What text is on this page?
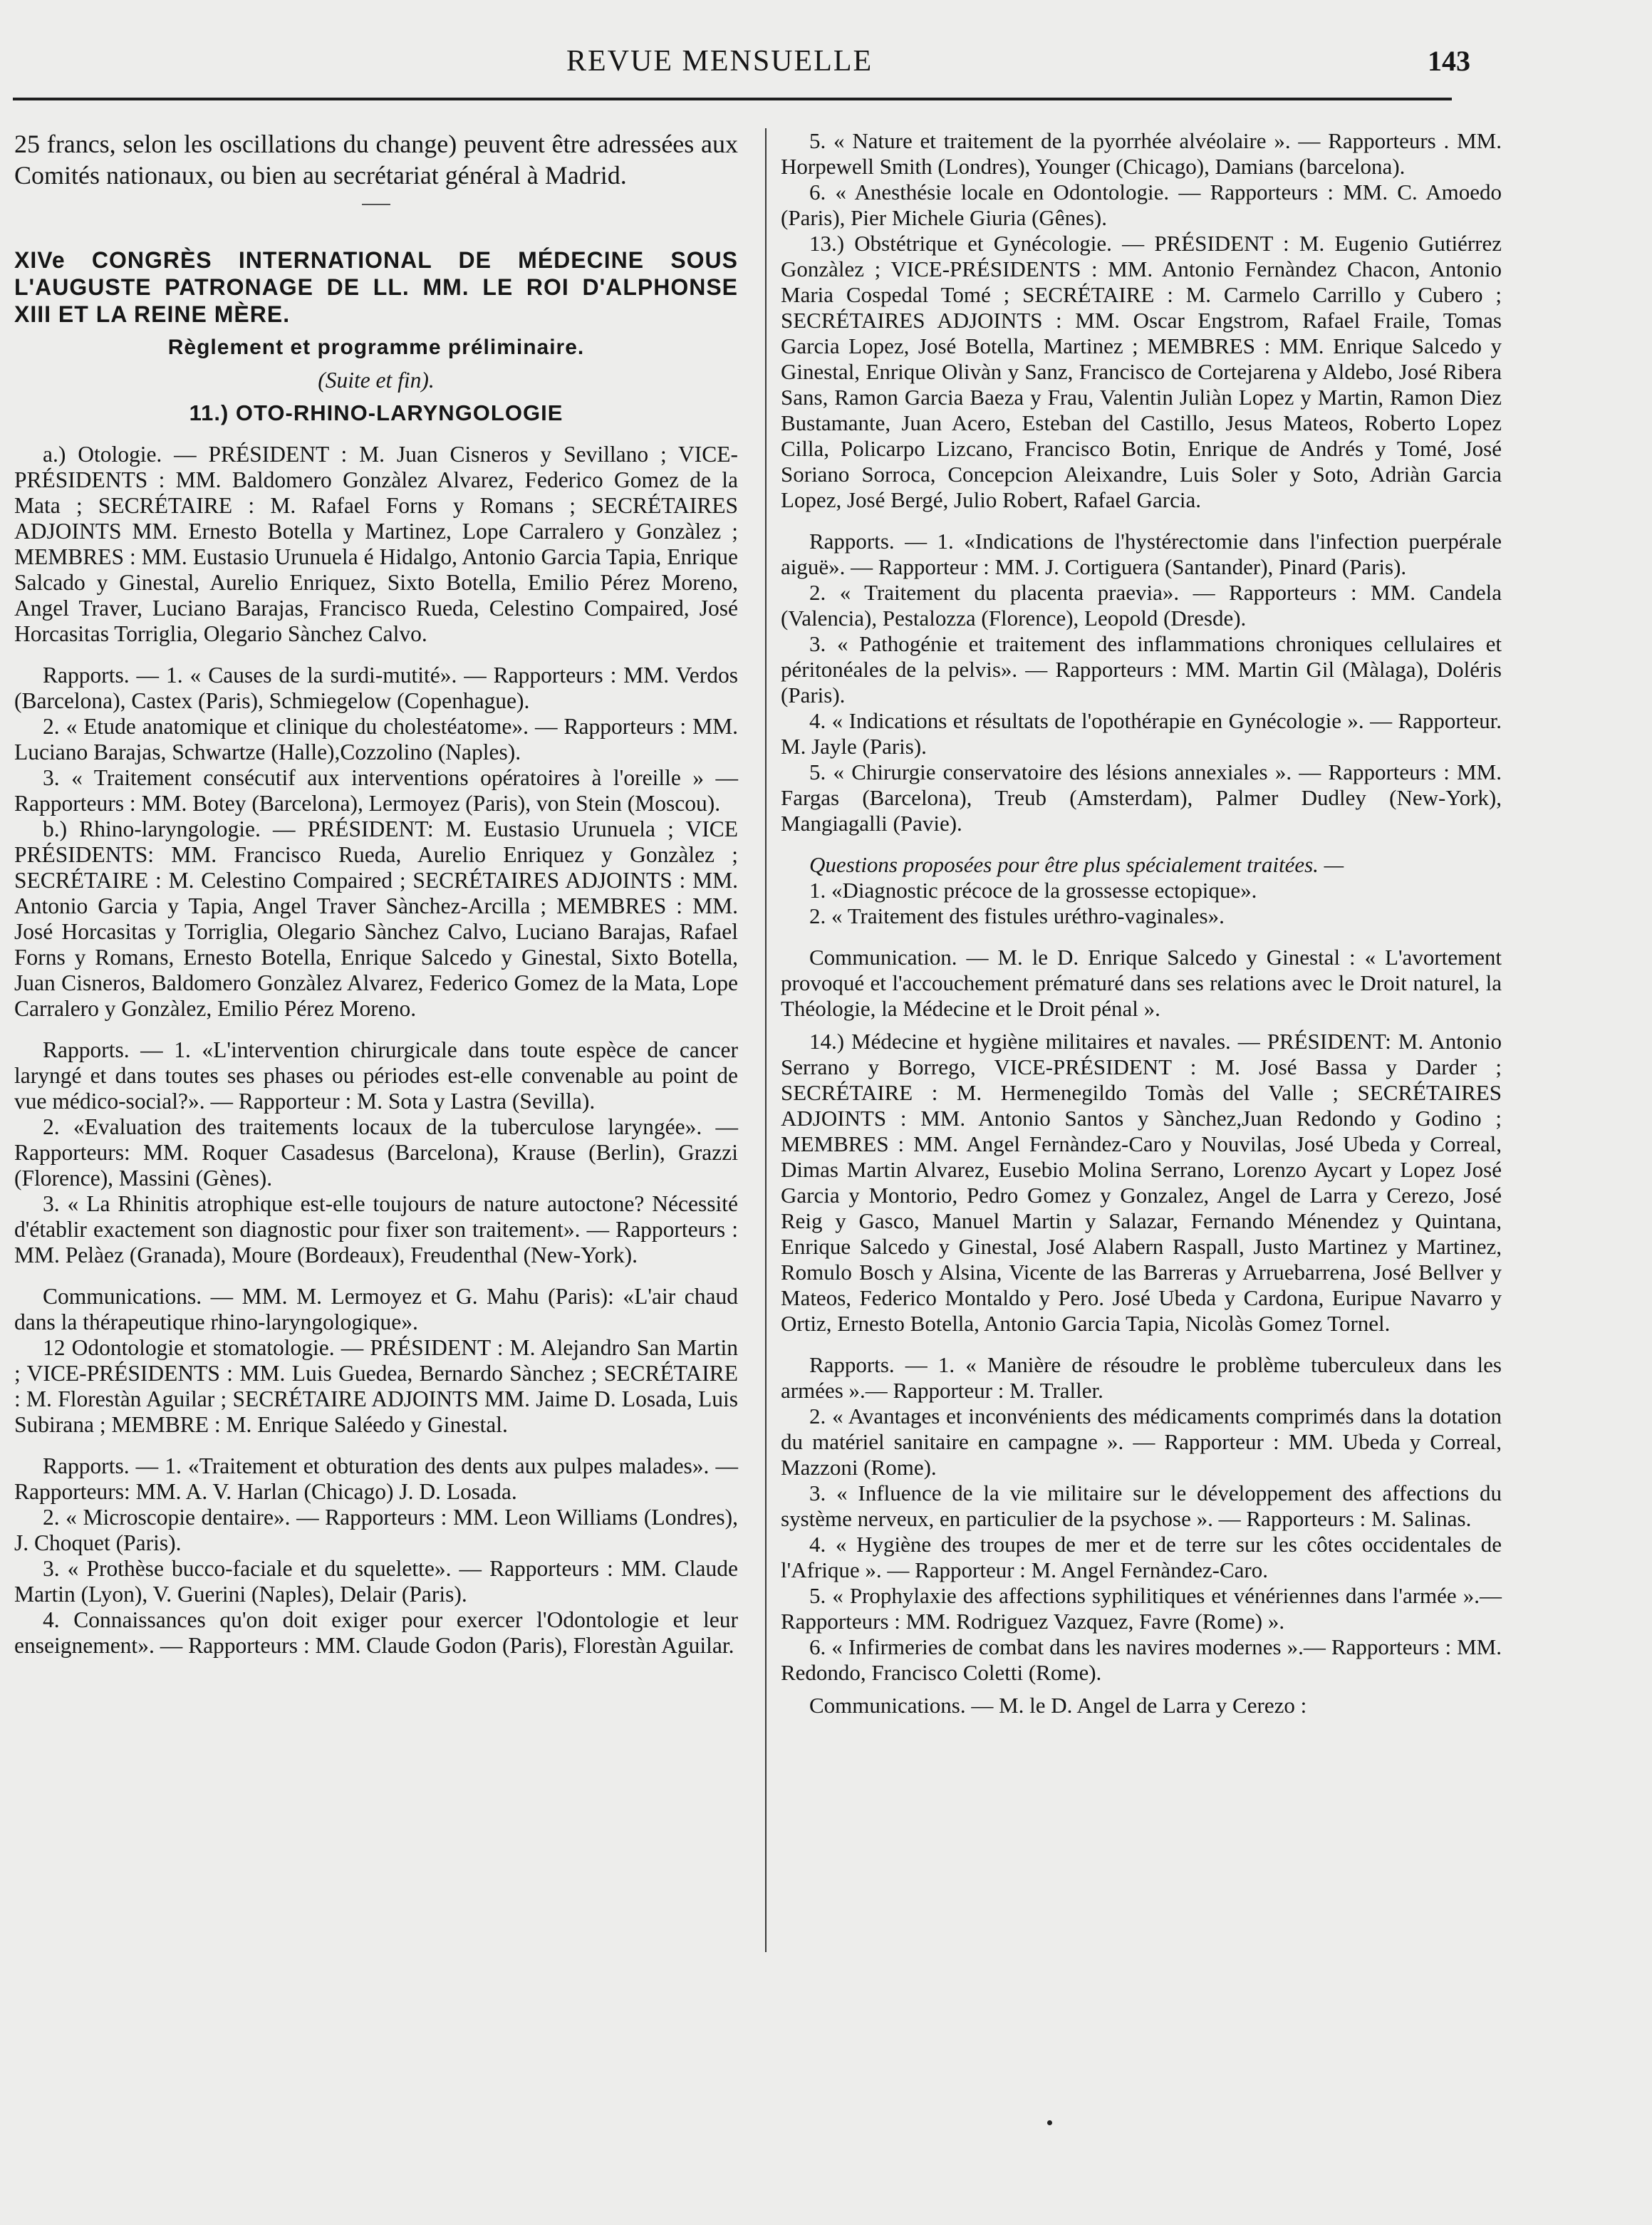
REVUE MENSUELLE	143

25 francs, selon les oscillations du change) peuvent être adressées aux Comités nationaux, ou bien au secrétariat général à Madrid.

XIVe CONGRÈS INTERNATIONAL DE MÉDECINE SOUS L'AUGUSTE PATRONAGE DE LL. MM. LE ROI D'ALPHONSE XIII ET LA REINE MÈRE.

Règlement et programme préliminaire.

(Suite et fin).

11.) OTO-RHINO-LARYNGOLOGIE

a.) Otologie. — PRÉSIDENT : M. Juan Cisneros y Sevillano ; VICE-PRÉSIDENTS : MM. Baldomero Gonzàlez Alvarez, Federico Gomez de la Mata ; SECRÉTAIRE : M. Rafael Forns y Romans ; SECRÉTAIRES ADJOINTS MM. Ernesto Botella y Martinez, Lope Carralero y Gonzàlez ; MEMBRES : MM. Eustasio Urunuela é Hidalgo, Antonio Garcia Tapia, Enrique Salcado y Ginestal, Aurelio Enriquez, Sixto Botella, Emilio Pérez Moreno, Angel Traver, Luciano Barajas, Francisco Rueda, Celestino Compaired, José Horcasitas Torriglia, Olegario Sànchez Calvo.

Rapports. — 1. « Causes de la surdi-mutité». — Rapporteurs : MM. Verdos (Barcelona), Castex (Paris), Schmiegelow (Copenhague).

2. « Etude anatomique et clinique du cholestéatome». — Rapporteurs : MM. Luciano Barajas, Schwartze (Halle),Cozzolino (Naples).

3. « Traitement consécutif aux interventions opératoires à l'oreille » — Rapporteurs : MM. Botey (Barcelona), Lermoyez (Paris), von Stein (Moscou).

b.) Rhino-laryngologie. — PRÉSIDENT: M. Eustasio Urunuela ; VICE PRÉSIDENTS: MM. Francisco Rueda, Aurelio Enriquez y Gonzàlez ; SECRÉTAIRE : M. Celestino Compaired ; SECRÉTAIRES ADJOINTS : MM. Antonio Garcia y Tapia, Angel Traver Sànchez-Arcilla ; MEMBRES : MM. José Horcasitas y Torriglia, Olegario Sànchez Calvo, Luciano Barajas, Rafael Forns y Romans, Ernesto Botella, Enrique Salcedo y Ginestal, Sixto Botella, Juan Cisneros, Baldomero Gonzàlez Alvarez, Federico Gomez de la Mata, Lope Carralero y Gonzàlez, Emilio Pérez Moreno.

Rapports. — 1. «L'intervention chirurgicale dans toute espèce de cancer laryngé et dans toutes ses phases ou périodes est-elle convenable au point de vue médico-social?». — Rapporteur : M. Sota y Lastra (Sevilla).

2. «Evaluation des traitements locaux de la tuberculose laryngée». — Rapporteurs: MM. Roquer Casadesus (Barcelona), Krause (Berlin), Grazzi (Florence), Massini (Gènes).

3. « La Rhinitis atrophique est-elle toujours de nature autoctone? Nécessité d'établir exactement son diagnostic pour fixer son traitement». — Rapporteurs : MM. Pelàez (Granada), Moure (Bordeaux), Freudenthal (New-York).

Communications. — MM. M. Lermoyez et G. Mahu (Paris): «L'air chaud dans la thérapeutique rhino-laryngologique».

12 Odontologie et stomatologie. — PRÉSIDENT : M. Alejandro San Martin ; VICE-PRÉSIDENTS : MM. Luis Guedea, Bernardo Sànchez ; SECRÉTAIRE : M. Florestàn Aguilar ; SECRÉTAIRE ADJOINTS MM. Jaime D. Losada, Luis Subirana ; MEMBRE : M. Enrique Saléedo y Ginestal.

Rapports. — 1. «Traitement et obturation des dents aux pulpes malades». — Rapporteurs: MM. A. V. Harlan (Chicago) J. D. Losada.

2. « Microscopie dentaire». — Rapporteurs : MM. Leon Williams (Londres), J. Choquet (Paris).

3. « Prothèse bucco-faciale et du squelette». — Rapporteurs : MM. Claude Martin (Lyon), V. Guerini (Naples), Delair (Paris).

4. Connaissances qu'on doit exiger pour exercer l'Odontologie et leur enseignement». — Rapporteurs : MM. Claude Godon (Paris), Florestàn Aguilar.

5. « Nature et traitement de la pyorrhée alvéolaire ». — Rapporteurs . MM. Horpewell Smith (Londres), Younger (Chicago), Damians (barcelona).

6. « Anesthésie locale en Odontologie. — Rapporteurs : MM. C. Amoedo (Paris), Pier Michele Giuria (Gênes).

13.) Obstétrique et Gynécologie. — PRÉSIDENT : M. Eugenio Gutiérrez Gonzàlez ; VICE-PRÉSIDENTS : MM. Antonio Fernàndez Chacon, Antonio Maria Cospedal Tomé ; SECRÉTAIRE : M. Carmelo Carrillo y Cubero ; SECRÉTAIRES ADJOINTS : MM. Oscar Engstrom, Rafael Fraile, Tomas Garcia Lopez, José Botella, Martinez ; MEMBRES : MM. Enrique Salcedo y Ginestal, Enrique Olivàn y Sanz, Francisco de Cortejarena y Aldebo, José Ribera Sans, Ramon Garcia Baeza y Frau, Valentin Juliàn Lopez y Martin, Ramon Diez Bustamante, Juan Acero, Esteban del Castillo, Jesus Mateos, Roberto Lopez Cilla, Policarpo Lizcano, Francisco Botin, Enrique de Andrés y Tomé, José Soriano Sorroca, Concepcion Aleixandre, Luis Soler y Soto, Adriàn Garcia Lopez, José Bergé, Julio Robert, Rafael Garcia.

Rapports. — 1. «Indications de l'hystérectomie dans l'infection puerpérale aiguë». — Rapporteur : MM. J. Cortiguera (Santander), Pinard (Paris).

2. « Traitement du placenta praevia». — Rapporteurs : MM. Candela (Valencia), Pestalozza (Florence), Leopold (Dresde).

3. « Pathogénie et traitement des inflammations chroniques cellulaires et péritonéales de la pelvis». — Rapporteurs : MM. Martin Gil (Màlaga), Doléris (Paris).

4. « Indications et résultats de l'opothérapie en Gynécologie ». — Rapporteur. M. Jayle (Paris).

5. « Chirurgie conservatoire des lésions annexiales ». — Rapporteurs : MM. Fargas (Barcelona), Treub (Amsterdam), Palmer Dudley (New-York), Mangiagalli (Pavie).

Questions proposées pour être plus spécialement traitées. —

1. «Diagnostic précoce de la grossesse ectopique».

2. « Traitement des fistules uréthro-vaginales».

Communication. — M. le D. Enrique Salcedo y Ginestal : « L'avortement provoqué et l'accouchement prématuré dans ses relations avec le Droit naturel, la Théologie, la Médecine et le Droit pénal ».

14.) Médecine et hygiène militaires et navales. — PRÉSIDENT: M. Antonio Serrano y Borrego, VICE-PRÉSIDENT : M. José Bassa y Darder ; SECRÉTAIRE : M. Hermenegildo Tomàs del Valle ; SECRÉTAIRES ADJOINTS : MM. Antonio Santos y Sànchez,Juan Redondo y Godino ; MEMBRES : MM. Angel Fernàndez-Caro y Nouvilas, José Ubeda y Correal, Dimas Martin Alvarez, Eusebio Molina Serrano, Lorenzo Aycart y Lopez José Garcia y Montorio, Pedro Gomez y Gonzalez, Angel de Larra y Cerezo, José Reig y Gasco, Manuel Martin y Salazar, Fernando Ménendez y Quintana, Enrique Salcedo y Ginestal, José Alabern Raspall, Justo Martinez y Martinez, Romulo Bosch y Alsina, Vicente de las Barreras y Arruebarrena, José Bellver y Mateos, Federico Montaldo y Pero. José Ubeda y Cardona, Euripue Navarro y Ortiz, Ernesto Botella, Antonio Garcia Tapia, Nicolàs Gomez Tornel.

Rapports. — 1. « Manière de résoudre le problème tuberculeux dans les armées ».— Rapporteur : M. Traller.

2. « Avantages et inconvénients des médicaments comprimés dans la dotation du matériel sanitaire en campagne ». — Rapporteur : MM. Ubeda y Correal, Mazzoni (Rome).

3. « Influence de la vie militaire sur le développement des affections du système nerveux, en particulier de la psychose ». — Rapporteurs : M. Salinas.

4. « Hygiène des troupes de mer et de terre sur les côtes occidentales de l'Afrique ». — Rapporteur : M. Angel Fernàndez-Caro.

5. « Prophylaxie des affections syphilitiques et vénériennes dans l'armée ».—Rapporteurs : MM. Rodriguez Vazquez, Favre (Rome) ».

6. « Infirmeries de combat dans les navires modernes ».— Rapporteurs : MM. Redondo, Francisco Coletti (Rome).

Communications. — M. le D. Angel de Larra y Cerezo :
